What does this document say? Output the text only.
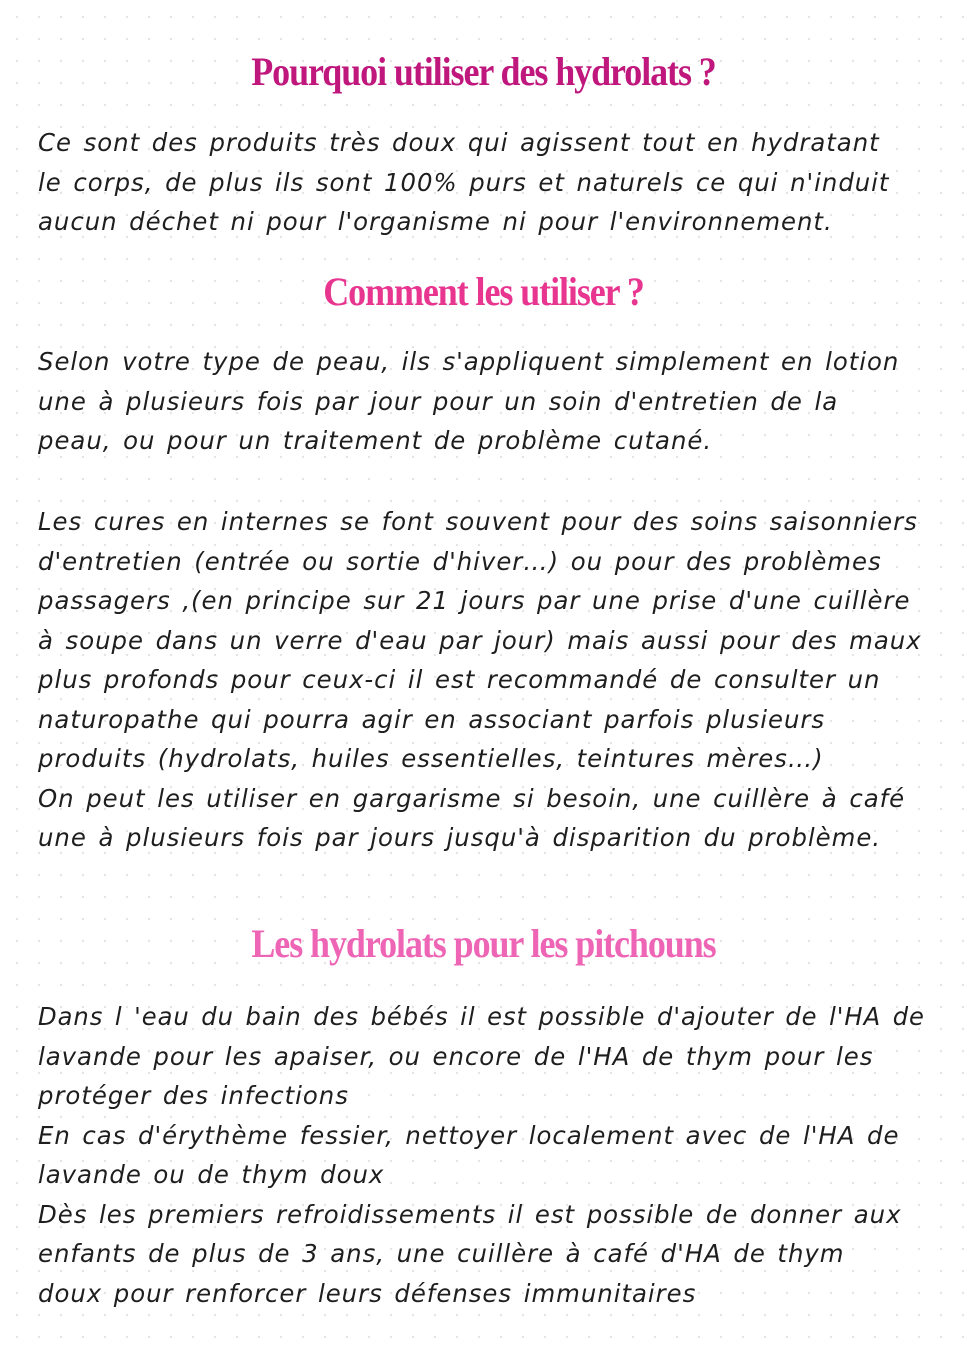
Pourquoi utiliser des hydrolats ?
Ce sont des produits très doux qui agissent tout en hydratant
le corps, de plus ils sont 100% purs et naturels ce qui n'induit
aucun déchet ni pour l'organisme ni pour l'environnement.
Comment les utiliser ?
Selon votre type de peau, ils s'appliquent simplement en lotion
une à plusieurs fois par jour pour un soin d'entretien de la
peau, ou pour un traitement de problème cutané.
Les cures en internes se font souvent pour des soins saisonniers
d'entretien (entrée ou sortie d'hiver…) ou pour des problèmes
passagers ,(en principe sur 21 jours par une prise d'une cuillère
à soupe dans un verre d'eau par jour) mais aussi pour des maux
plus profonds pour ceux-ci il est recommandé de consulter un
naturopathe qui pourra agir en associant parfois plusieurs
produits (hydrolats, huiles essentielles, teintures mères…)
On peut les utiliser en gargarisme si besoin, une cuillère à café
une à plusieurs fois par jours jusqu'à disparition du problème.
Les hydrolats pour les pitchouns
Dans l 'eau du bain des bébés il est possible d'ajouter de l'HA de
lavande pour les apaiser, ou encore de l'HA de thym pour les
protéger des infections
En cas d'érythème fessier, nettoyer localement avec de l'HA de
lavande ou de thym doux
Dès les premiers refroidissements il est possible de donner aux
enfants de plus de 3 ans, une cuillère à café d'HA de thym
doux pour renforcer leurs défenses immunitaires
